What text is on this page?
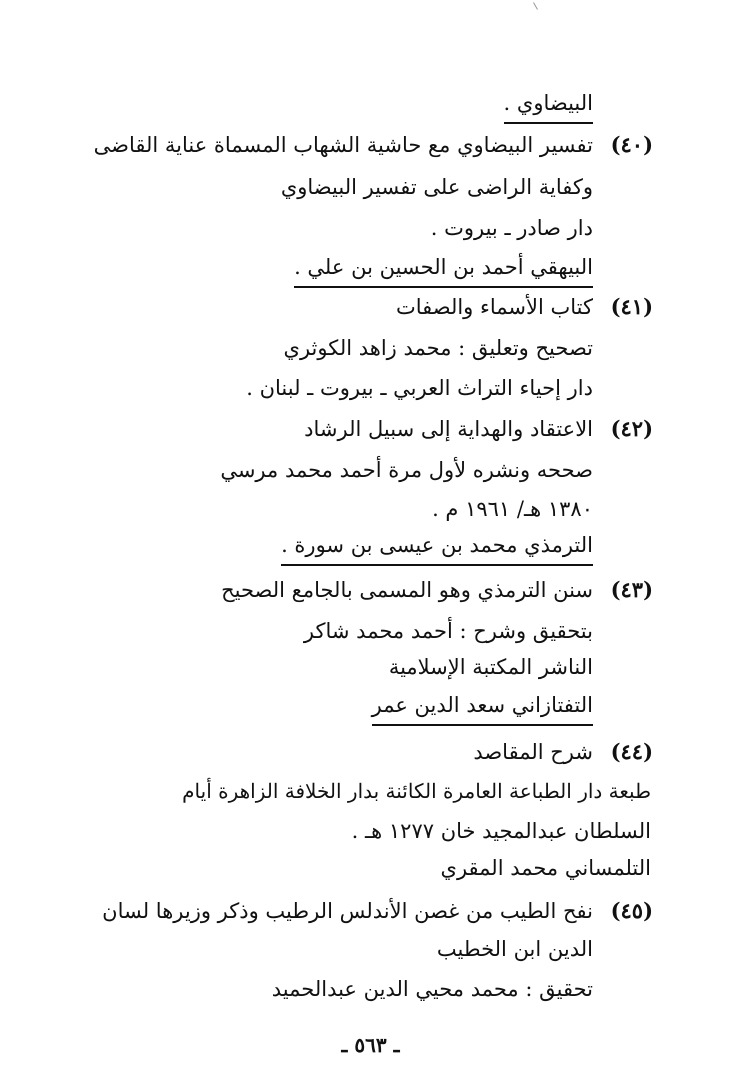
البيضاوي .
(٤٠)
تفسير البيضاوي مع حاشية الشهاب المسماة عناية القاضى
وكفاية الراضى على تفسير البيضاوي
دار صادر ـ بيروت .
البيهقي أحمد بن الحسين بن علي .
(٤١)
كتاب الأسماء والصفات
تصحيح وتعليق : محمد زاهد الكوثري
دار إحياء التراث العربي ـ بيروت ـ لبنان .
(٤٢)
الاعتقاد والهداية إلى سبيل الرشاد
صححه ونشره لأول مرة أحمد محمد مرسي
١٣٨٠ هـ/ ١٩٦١ م .
الترمذي محمد بن عيسى بن سورة .
(٤٣)
سنن الترمذي وهو المسمى بالجامع الصحيح
بتحقيق وشرح : أحمد محمد شاكر
الناشر المكتبة الإسلامية
التفتازاني سعد الدين عمر
(٤٤)
شرح المقاصد
طبعة دار الطباعة العامرة الكائنة بدار الخلافة الزاهرة أيام
السلطان عبدالمجيد خان ١٢٧٧ هـ .
التلمساني محمد المقري
(٤٥)
نفح الطيب من غصن الأندلس الرطيب وذكر وزيرها لسان
الدين ابن الخطيب
تحقيق : محمد محيي الدين عبدالحميد
ـ ٥٦٣ ـ
